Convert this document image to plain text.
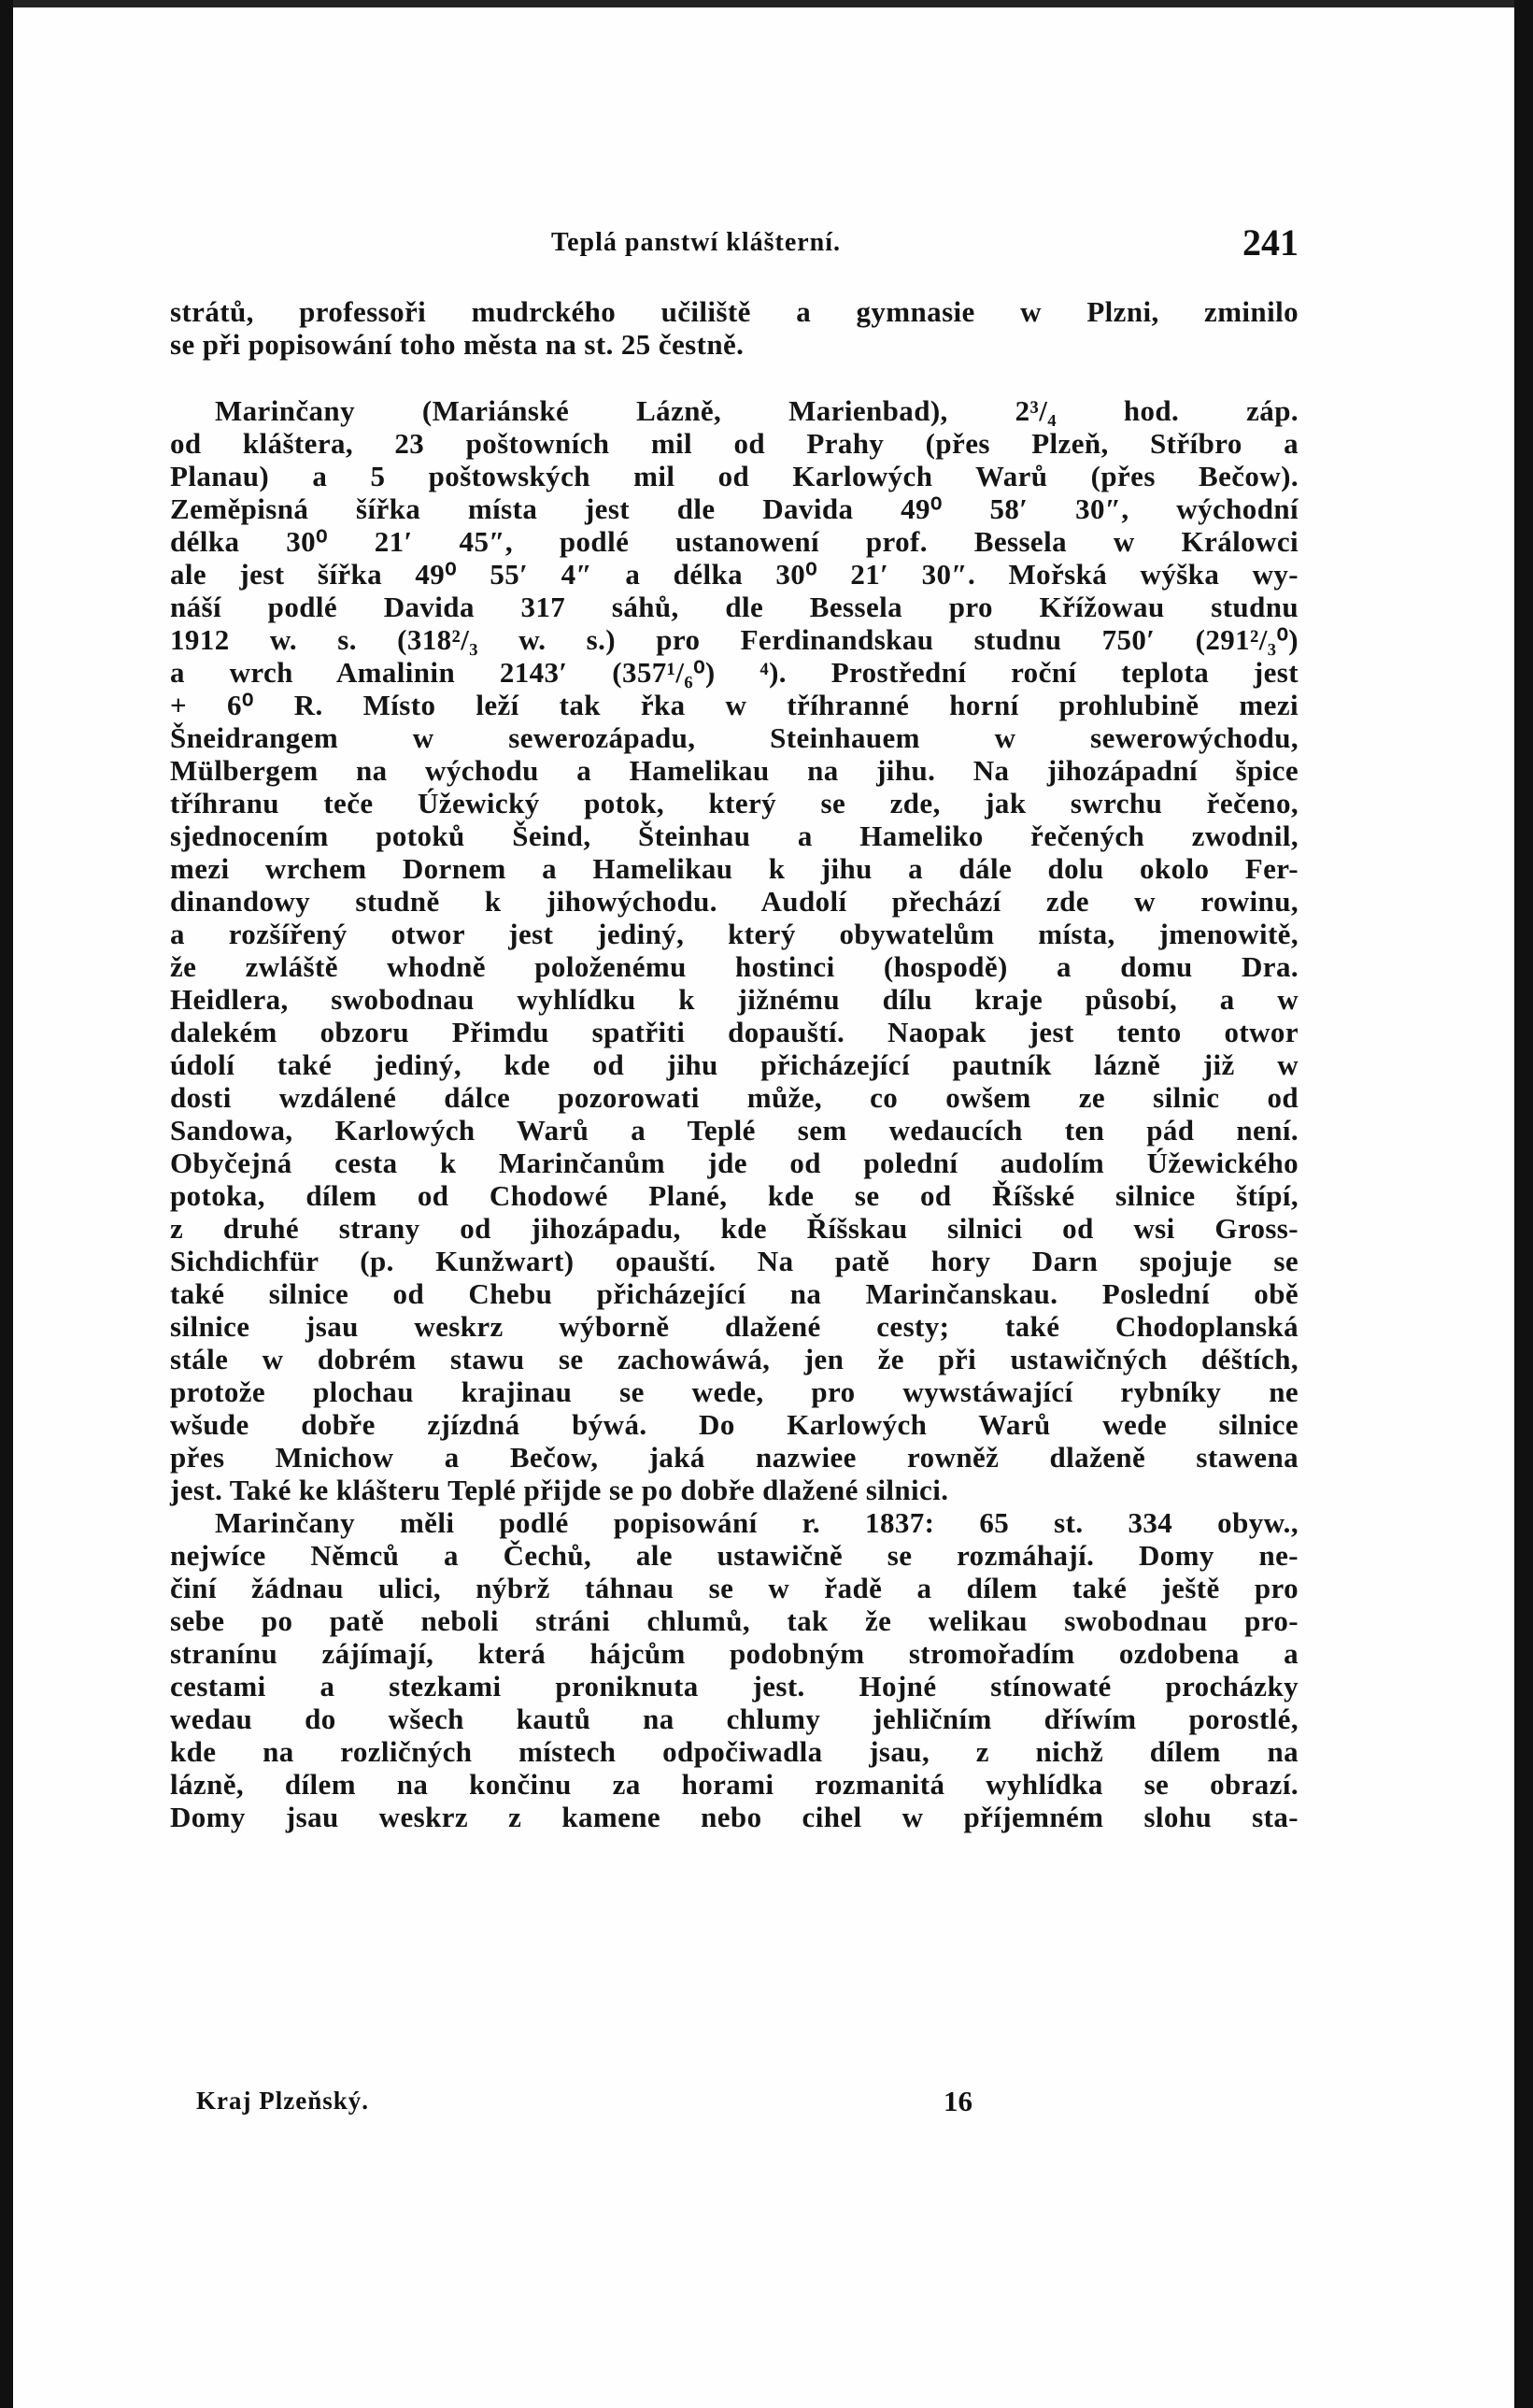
Teplá panstwí klášterní.	241
strátů, professoři mudrckého učiliště a gymnasie w Plzni, zminilo
se při popisowání toho města na st. 25 čestně.
Marinčany (Mariánské Lázně, Marienbad), 2³/₄ hod. záp.
od kláštera, 23 poštowních mil od Prahy (přes Plzeň, Stříbro a
Planau) a 5 poštowských mil od Karlowých Warů (přes Bečow).
Zeměpisná šířka místa jest dle Davida 49⁰ 58′ 30″, wýchodní
délka 30⁰ 21′ 45″, podlé ustanowení prof. Bessela w Králowci
ale jest šířka 49⁰ 55′ 4″ a délka 30⁰ 21′ 30″. Mořská wýška wy-
náší podlé Davida 317 sáhů, dle Bessela pro Křížowau studnu
1912 w. s. (318²/₃ w. s.) pro Ferdinandskau studnu 750′ (291²/₃⁰)
a wrch Amalinin 2143′ (357¹/₆⁰) ⁴). Prostřední roční teplota jest
+ 6⁰ R. Místo leží tak řka w tříhranné horní prohlubině mezi
Šneidrangem w sewerozápadu, Steinhauem w sewerowýchodu,
Mülbergem na wýchodu a Hamelikau na jihu. Na jihozápadní špice
tříhranu teče Úžewický potok, který se zde, jak swrchu řečeno,
sjednocením potoků Šeind, Šteinhau a Hameliko řečených zwodnil,
mezi wrchem Dornem a Hamelikau k jihu a dále dolu okolo Fer-
dinandowy studně k jihowýchodu. Audolí přechází zde w rowinu,
a rozšířený otwor jest jediný, který obywatelům místa, jmenowitě,
že zwláště whodně položenému hostinci (hospodě) a domu Dra.
Heidlera, swobodnau wyhlídku k jižnému dílu kraje působí, a w
dalekém obzoru Přimdu spatřiti dopauští. Naopak jest tento otwor
údolí také jediný, kde od jihu přicházející pautník lázně již w
dosti wzdálené dálce pozorowati může, co owšem ze silnic od
Sandowa, Karlowých Warů a Teplé sem wedaucích ten pád není.
Obyčejná cesta k Marinčanům jde od polední audolím Úžewického
potoka, dílem od Chodowé Plané, kde se od Říšské silnice štípí,
z druhé strany od jihozápadu, kde Říšskau silnici od wsi Gross-
Sichdichfür (p. Kunžwart) opauští. Na patě hory Darn spojuje se
také silnice od Chebu přicházející na Marinčanskau. Poslední obě
silnice jsau weskrz wýborně dlažené cesty; také Chodoplanská
stále w dobrém stawu se zachowáwá, jen že při ustawičných déštích,
protože plochau krajinau se wede, pro wywstáwající rybníky ne
wšude dobře zjízdná býwá. Do Karlowých Warů wede silnice
přes Mnichow a Bečow, jaká nazwiee rowněž dlaženě stawena
jest. Také ke klášteru Teplé přijde se po dobře dlažené silnici.
Marinčany měli podlé popisowání r. 1837: 65 st. 334 obyw.,
nejwíce Němců a Čechů, ale ustawičně se rozmáhají. Domy ne-
činí žádnau ulici, nýbrž táhnau se w řadě a dílem také ještě pro
sebe po patě neboli stráni chlumů, tak že welikau swobodnau pro-
stranínu zájímají, která hájcům podobným stromořadím ozdobena a
cestami a stezkami proniknuta jest. Hojné stínowaté procházky
wedau do wšech kautů na chlumy jehličním dříwím porostlé,
kde na rozličných místech odpočiwadla jsau, z nichž dílem na
lázně, dílem na končinu za horami rozmanitá wyhlídka se obrazí.
Domy jsau weskrz z kamene nebo cihel w příjemném slohu sta-
Kraj Plzeňský.	16
